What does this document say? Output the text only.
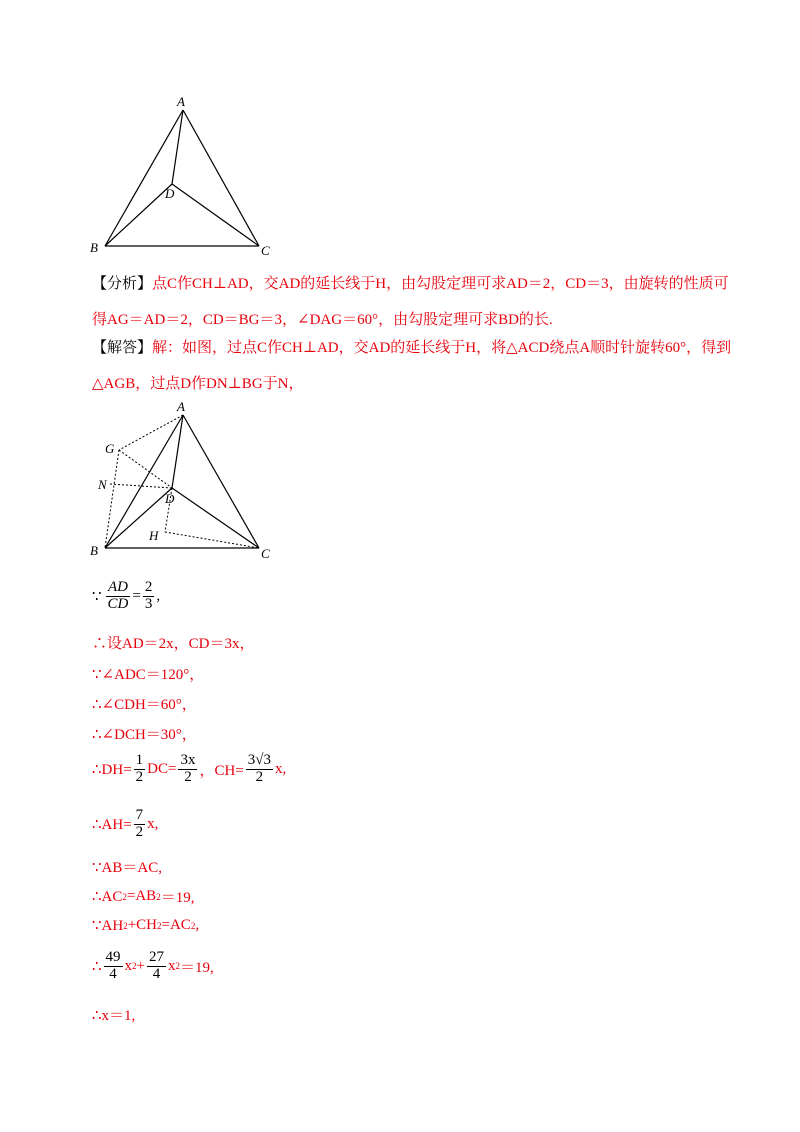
A
B	C
D

【分析】点C作CH⊥AD，交AD的延长线于H，由勾股定理可求AD＝2，CD＝3，由旋转的性质可得AG＝AD＝2，CD＝BG＝3，∠DAG＝60°，由勾股定理可求BD的长.

【解答】解：如图，过点C作CH⊥AD，交AD的延长线于H，将△ACD绕点A顺时针旋转60°，得到△AGB，过点D作DN⊥BG于N，

A
B	C
D
G
N
H
∵ $\frac{AD}{CD} = \frac{2}{3}$ ,
∴设AD＝2x，CD＝3x，
∵∠ADC＝120°，
∴∠CDH＝60°，
∴∠DCH＝30°，
∴DH= $\frac{1}{2} DC= \frac{3x}{2}$ ，$CH= \frac{3√3}{2} x$,
∴AH= $\frac{7}{2} x$,
∵AB＝AC,
∴AC 2 =AB 2 ＝19,
∵AH 2 +CH 2 =AC 2 ,
∴ $\frac{49}{4}$ x $2 + \frac{27}{4}$ x 2 ＝19,
∴x＝1,
